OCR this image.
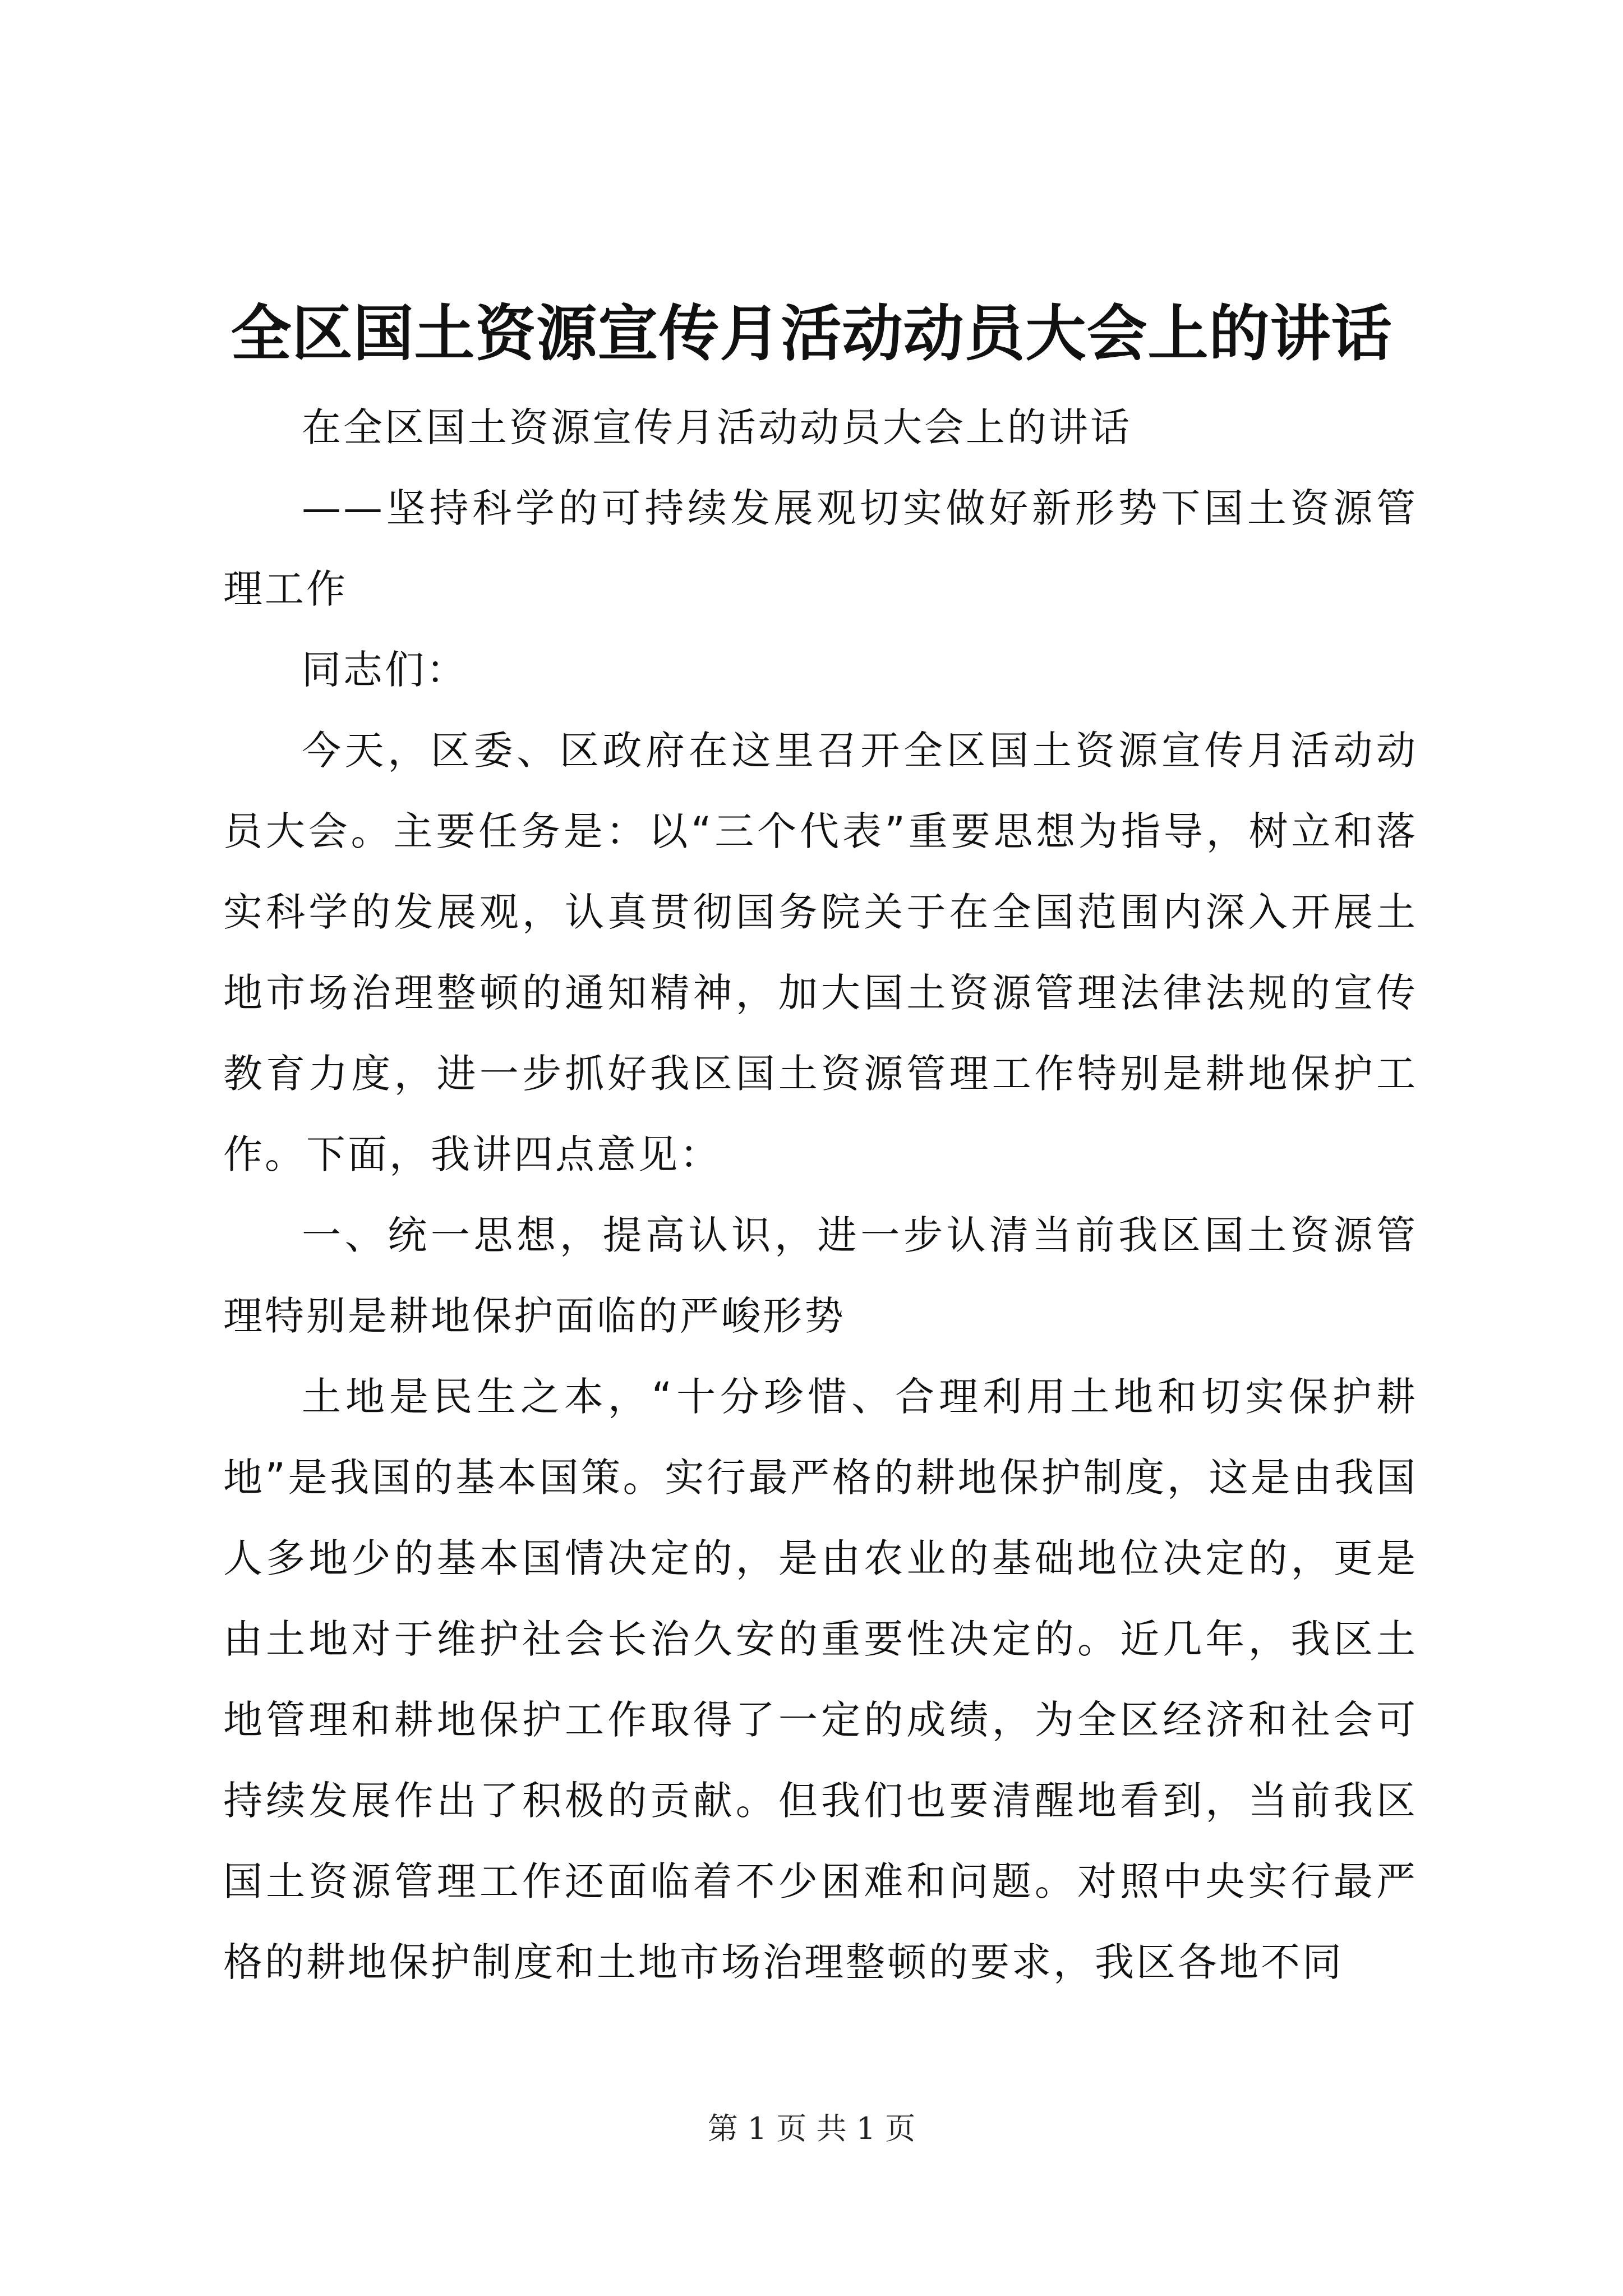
全区国土资源宣传月活动动员大会上的讲话

在全区国土资源宣传月活动动员大会上的讲话

——坚持科学的可持续发展观切实做好新形势下国土资源管理工作

同志们：

今天，区委、区政府在这里召开全区国土资源宣传月活动动员大会。主要任务是：以“三个代表”重要思想为指导，树立和落实科学的发展观，认真贯彻国务院关于在全国范围内深入开展土地市场治理整顿的通知精神，加大国土资源管理法律法规的宣传教育力度，进一步抓好我区国土资源管理工作特别是耕地保护工作。下面，我讲四点意见：

一、统一思想，提高认识，进一步认清当前我区国土资源管理特别是耕地保护面临的严峻形势

土地是民生之本，“十分珍惜、合理利用土地和切实保护耕地”是我国的基本国策。实行最严格的耕地保护制度，这是由我国人多地少的基本国情决定的，是由农业的基础地位决定的，更是由土地对于维护社会长治久安的重要性决定的。近几年，我区土地管理和耕地保护工作取得了一定的成绩，为全区经济和社会可持续发展作出了积极的贡献。但我们也要清醒地看到，当前我区国土资源管理工作还面临着不少困难和问题。对照中央实行最严格的耕地保护制度和土地市场治理整顿的要求，我区各地不同

第 1 页 共 1 页
